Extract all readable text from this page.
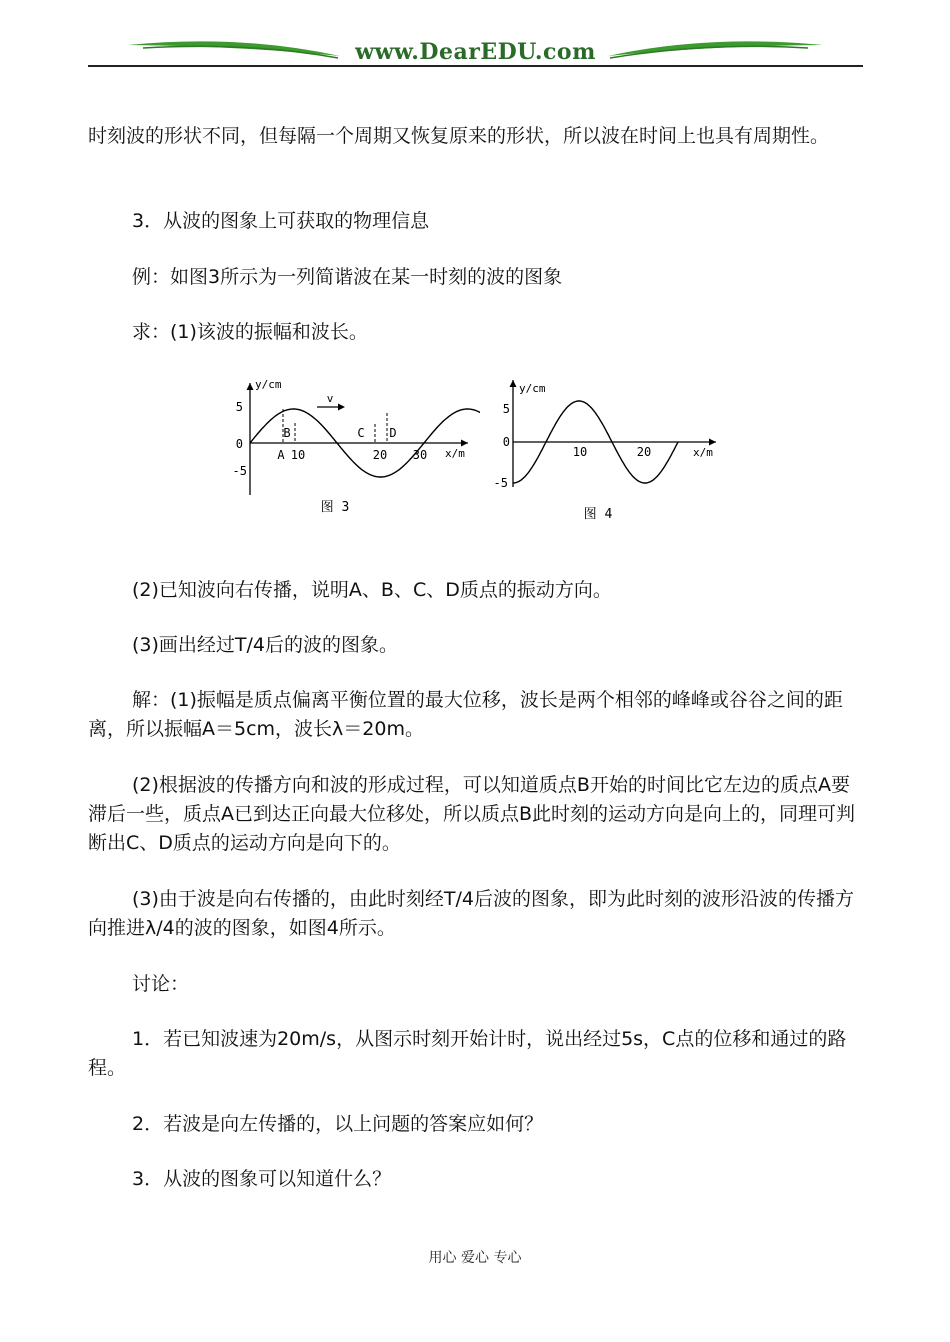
www.DearEDU.com

时刻波的形状不同，但每隔一个周期又恢复原来的形状，所以波在时间上也具有周期性。

3．从波的图象上可获取的物理信息

例：如图3所示为一列简谐波在某一时刻的波的图象

求：(1)该波的振幅和波长。

v
y/cm
x/m
5
0
-5
10	20 30
A
B	C D
图 3
y/cm
x/m
5
0
-5
10	20
图 4

(2)已知波向右传播，说明A、B、C、D质点的振动方向。

(3)画出经过T/4后的波的图象。

解：(1)振幅是质点偏离平衡位置的最大位移，波长是两个相邻的峰峰或谷谷之间的距离，所以振幅A＝5cm，波长λ＝20m。

(2)根据波的传播方向和波的形成过程，可以知道质点B开始的时间比它左边的质点A要滞后一些，质点A已到达正向最大位移处，所以质点B此时刻的运动方向是向上的，同理可判断出C、D质点的运动方向是向下的。

(3)由于波是向右传播的，由此时刻经T/4后波的图象，即为此时刻的波形沿波的传播方向推进λ/4的波的图象，如图4所示。

讨论：

1．若已知波速为20m/s，从图示时刻开始计时，说出经过5s，C点的位移和通过的路程。

2．若波是向左传播的，以上问题的答案应如何？

3．从波的图象可以知道什么？

用心 爱心 专心
